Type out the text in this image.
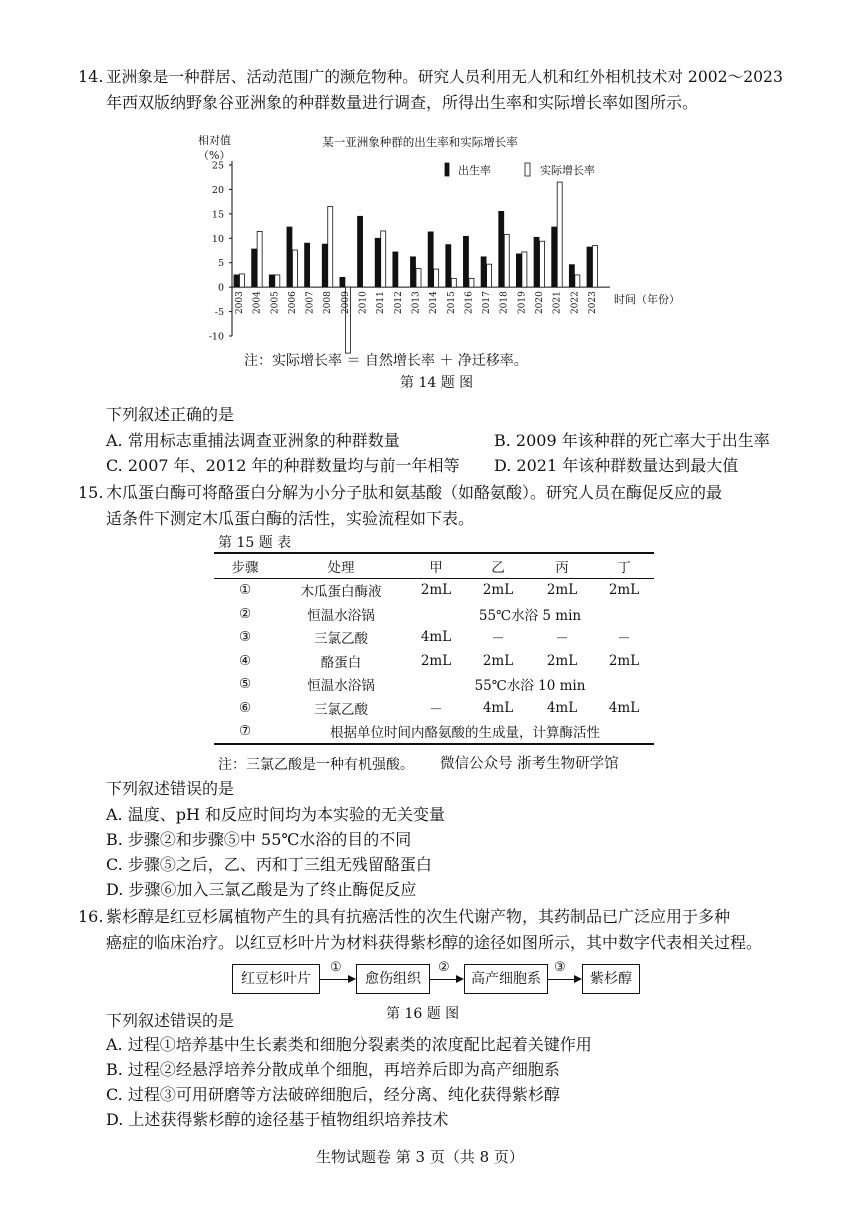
14. 亚洲象是一种群居、活动范围广的濒危物种。研究人员利用无人机和红外相机技术对 2002～2023
年西双版纳野象谷亚洲象的种群数量进行调查，所得出生率和实际增长率如图所示。
某一亚洲象种群的出生率和实际增长率
相对值
（%）
25
20
15
10
5
0
-5
-10
2003 2004 2005 2006 2007 2008 2009 2010 2011 2012 2013 2014 2015 2016 2017 2018 2019 2020 2021 2022 2023 时间（年份）
出生率	实际增长率
注：实际增长率 ＝ 自然增长率 ＋ 净迁移率。
第 14 题 图
下列叙述正确的是
A. 常用标志重捕法调查亚洲象的种群数量	B. 2009 年该种群的死亡率大于出生率
C. 2007 年、2012 年的种群数量均与前一年相等 D. 2021 年该种群数量达到最大值
15. 木瓜蛋白酶可将酪蛋白分解为小分子肽和氨基酸（如酪氨酸）。研究人员在酶促反应的最
适条件下测定木瓜蛋白酶的活性，实验流程如下表。
第 15 题 表
步骤	处理	甲	乙	丙	丁
①	木瓜蛋白酶液	2mL	2mL	2mL	2mL
②	恒温水浴锅	55℃水浴 5 min			
③	三氯乙酸	4mL	－	－	－
④	酪蛋白	2mL	2mL	2mL	2mL
⑤	恒温水浴锅	55℃水浴 10 min			
⑥	三氯乙酸	－	4mL	4mL	4mL
⑦	根据单位时间内酪氨酸的生成量，计算酶活性				
注：三氯乙酸是一种有机强酸。 微信公众号 浙考生物研学馆
下列叙述错误的是
A. 温度、pH 和反应时间均为本实验的无关变量
B. 步骤②和步骤⑤中 55℃水浴的目的不同
C. 步骤⑤之后，乙、丙和丁三组无残留酪蛋白
D. 步骤⑥加入三氯乙酸是为了终止酶促反应
16. 紫杉醇是红豆杉属植物产生的具有抗癌活性的次生代谢产物，其药制品已广泛应用于多种
癌症的临床治疗。以红豆杉叶片为材料获得紫杉醇的途径如图所示，其中数字代表相关过程。
红豆杉叶片	愈伤组织	高产细胞系	紫杉醇
①	②	③
第 16 题 图
下列叙述错误的是
A. 过程①培养基中生长素类和细胞分裂素类的浓度配比起着关键作用
B. 过程②经悬浮培养分散成单个细胞，再培养后即为高产细胞系
C. 过程③可用研磨等方法破碎细胞后，经分离、纯化获得紫杉醇
D. 上述获得紫杉醇的途径基于植物组织培养技术
生物试题卷 第 3 页（共 8 页）
